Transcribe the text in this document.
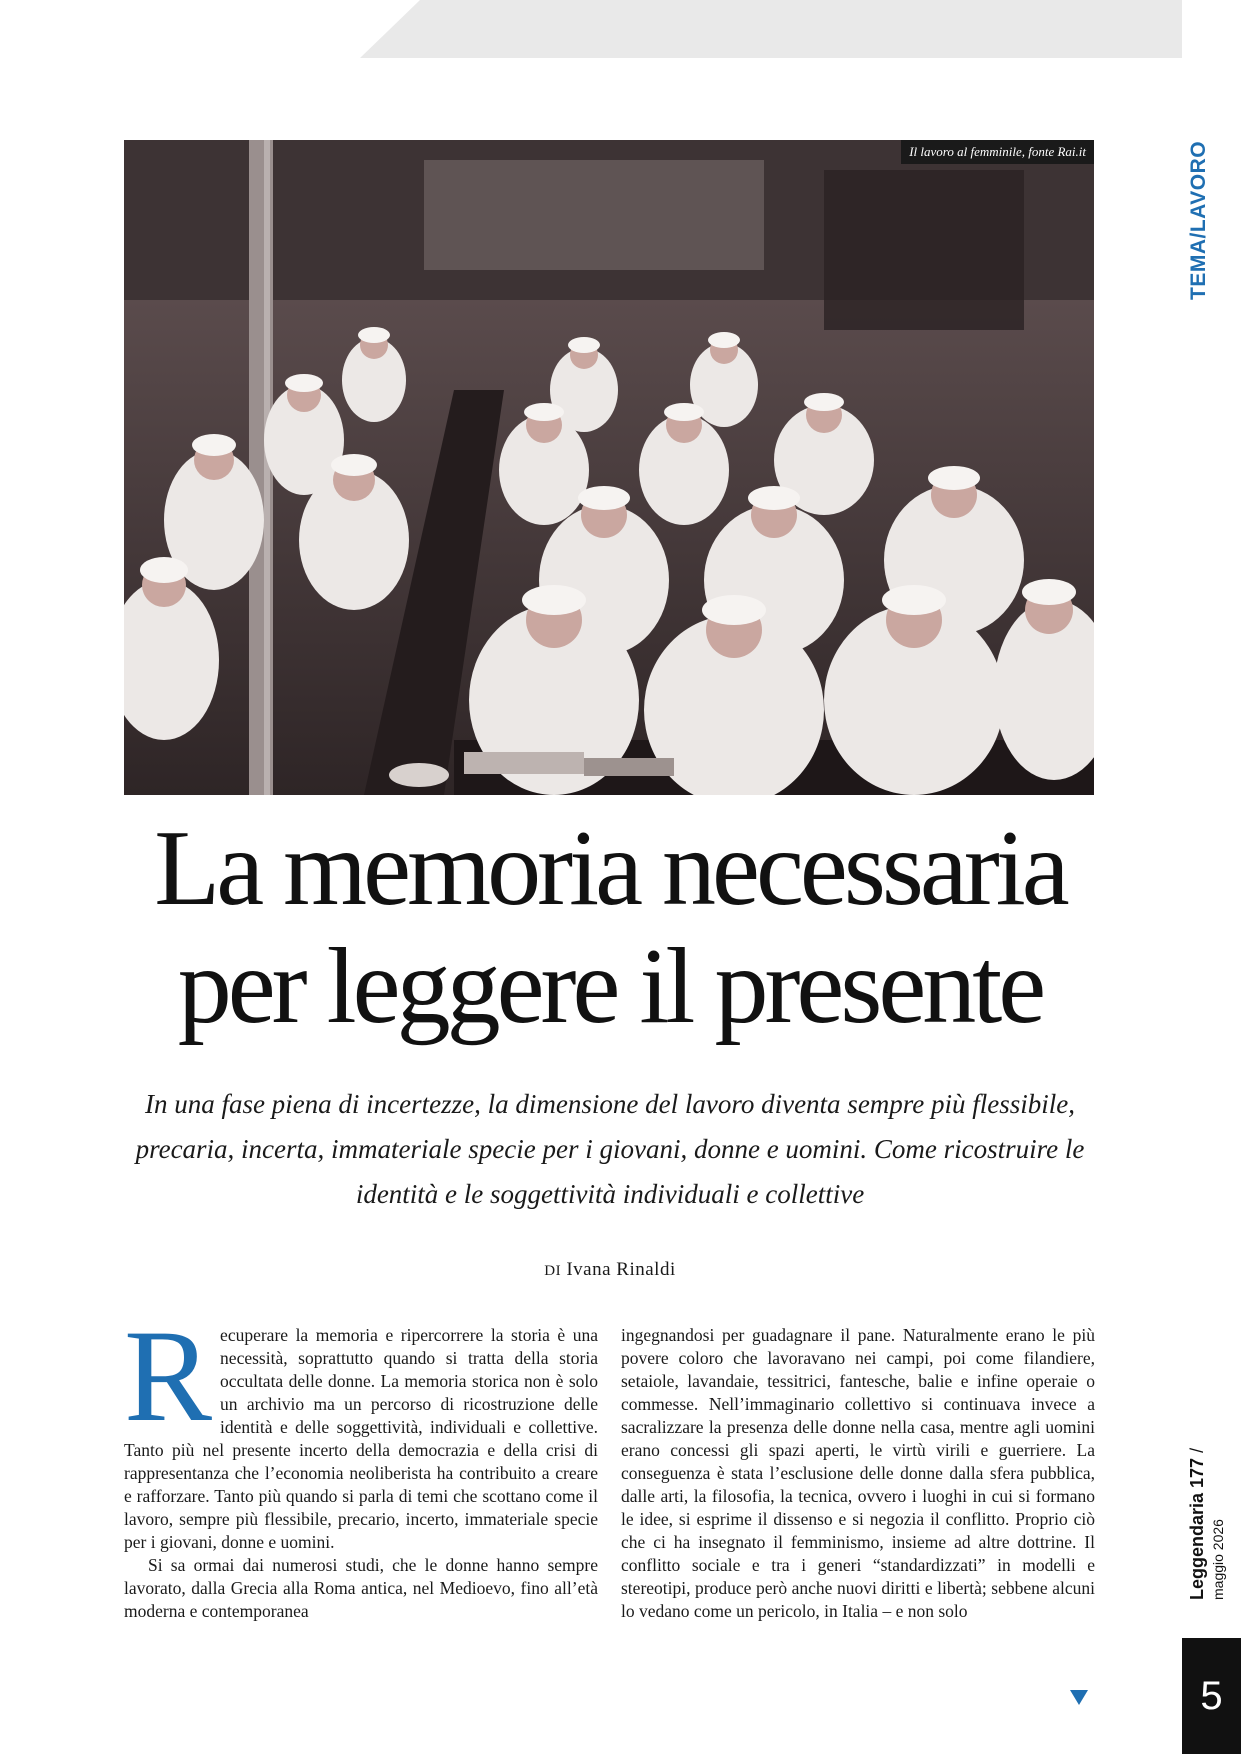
TEMA/LAVORO
Leggendaria 177 / maggio 2026
5
Il lavoro al femminile, fonte Rai.it
La memoria necessaria per leggere il presente

In una fase piena di incertezze, la dimensione del lavoro diventa sempre più flessibile, precaria, incerta, immateriale specie per i giovani, donne e uomini. Come ricostruire le identità e le soggettività individuali e collettive

DI Ivana Rinaldi

Recuperare la memoria e ripercorrere la storia è una necessità, soprattutto quando si tratta della storia occultata delle donne. La memoria storica non è solo un archivio ma un percorso di ricostruzione delle identità e delle soggettività, individuali e collettive. Tanto più nel presente incerto della democrazia e della crisi di rappresentanza che l’economia neoliberista ha contribuito a creare e rafforzare. Tanto più quando si parla di temi che scottano come il lavoro, sempre più flessibile, precario, incerto, immateriale specie per i giovani, donne e uomini.

Si sa ormai dai numerosi studi, che le donne hanno sempre lavorato, dalla Grecia alla Roma antica, nel Medioevo, fino all’età moderna e contemporanea

ingegnandosi per guadagnare il pane. Naturalmente erano le più povere coloro che lavoravano nei campi, poi come filandiere, setaiole, lavandaie, tessitrici, fantesche, balie e infine operaie o commesse. Nell’immaginario collettivo si continuava invece a sacralizzare la presenza delle donne nella casa, mentre agli uomini erano concessi gli spazi aperti, le virtù virili e guerriere. La conseguenza è stata l’esclusione delle donne dalla sfera pubblica, dalle arti, la filosofia, la tecnica, ovvero i luoghi in cui si formano le idee, si esprime il dissenso e si negozia il conflitto. Proprio ciò che ci ha insegnato il femminismo, insieme ad altre dottrine. Il conflitto sociale e tra i generi “standardizzati” in modelli e stereotipi, produce però anche nuovi diritti e libertà; sebbene alcuni lo vedano come un pericolo, in Italia – e non solo
